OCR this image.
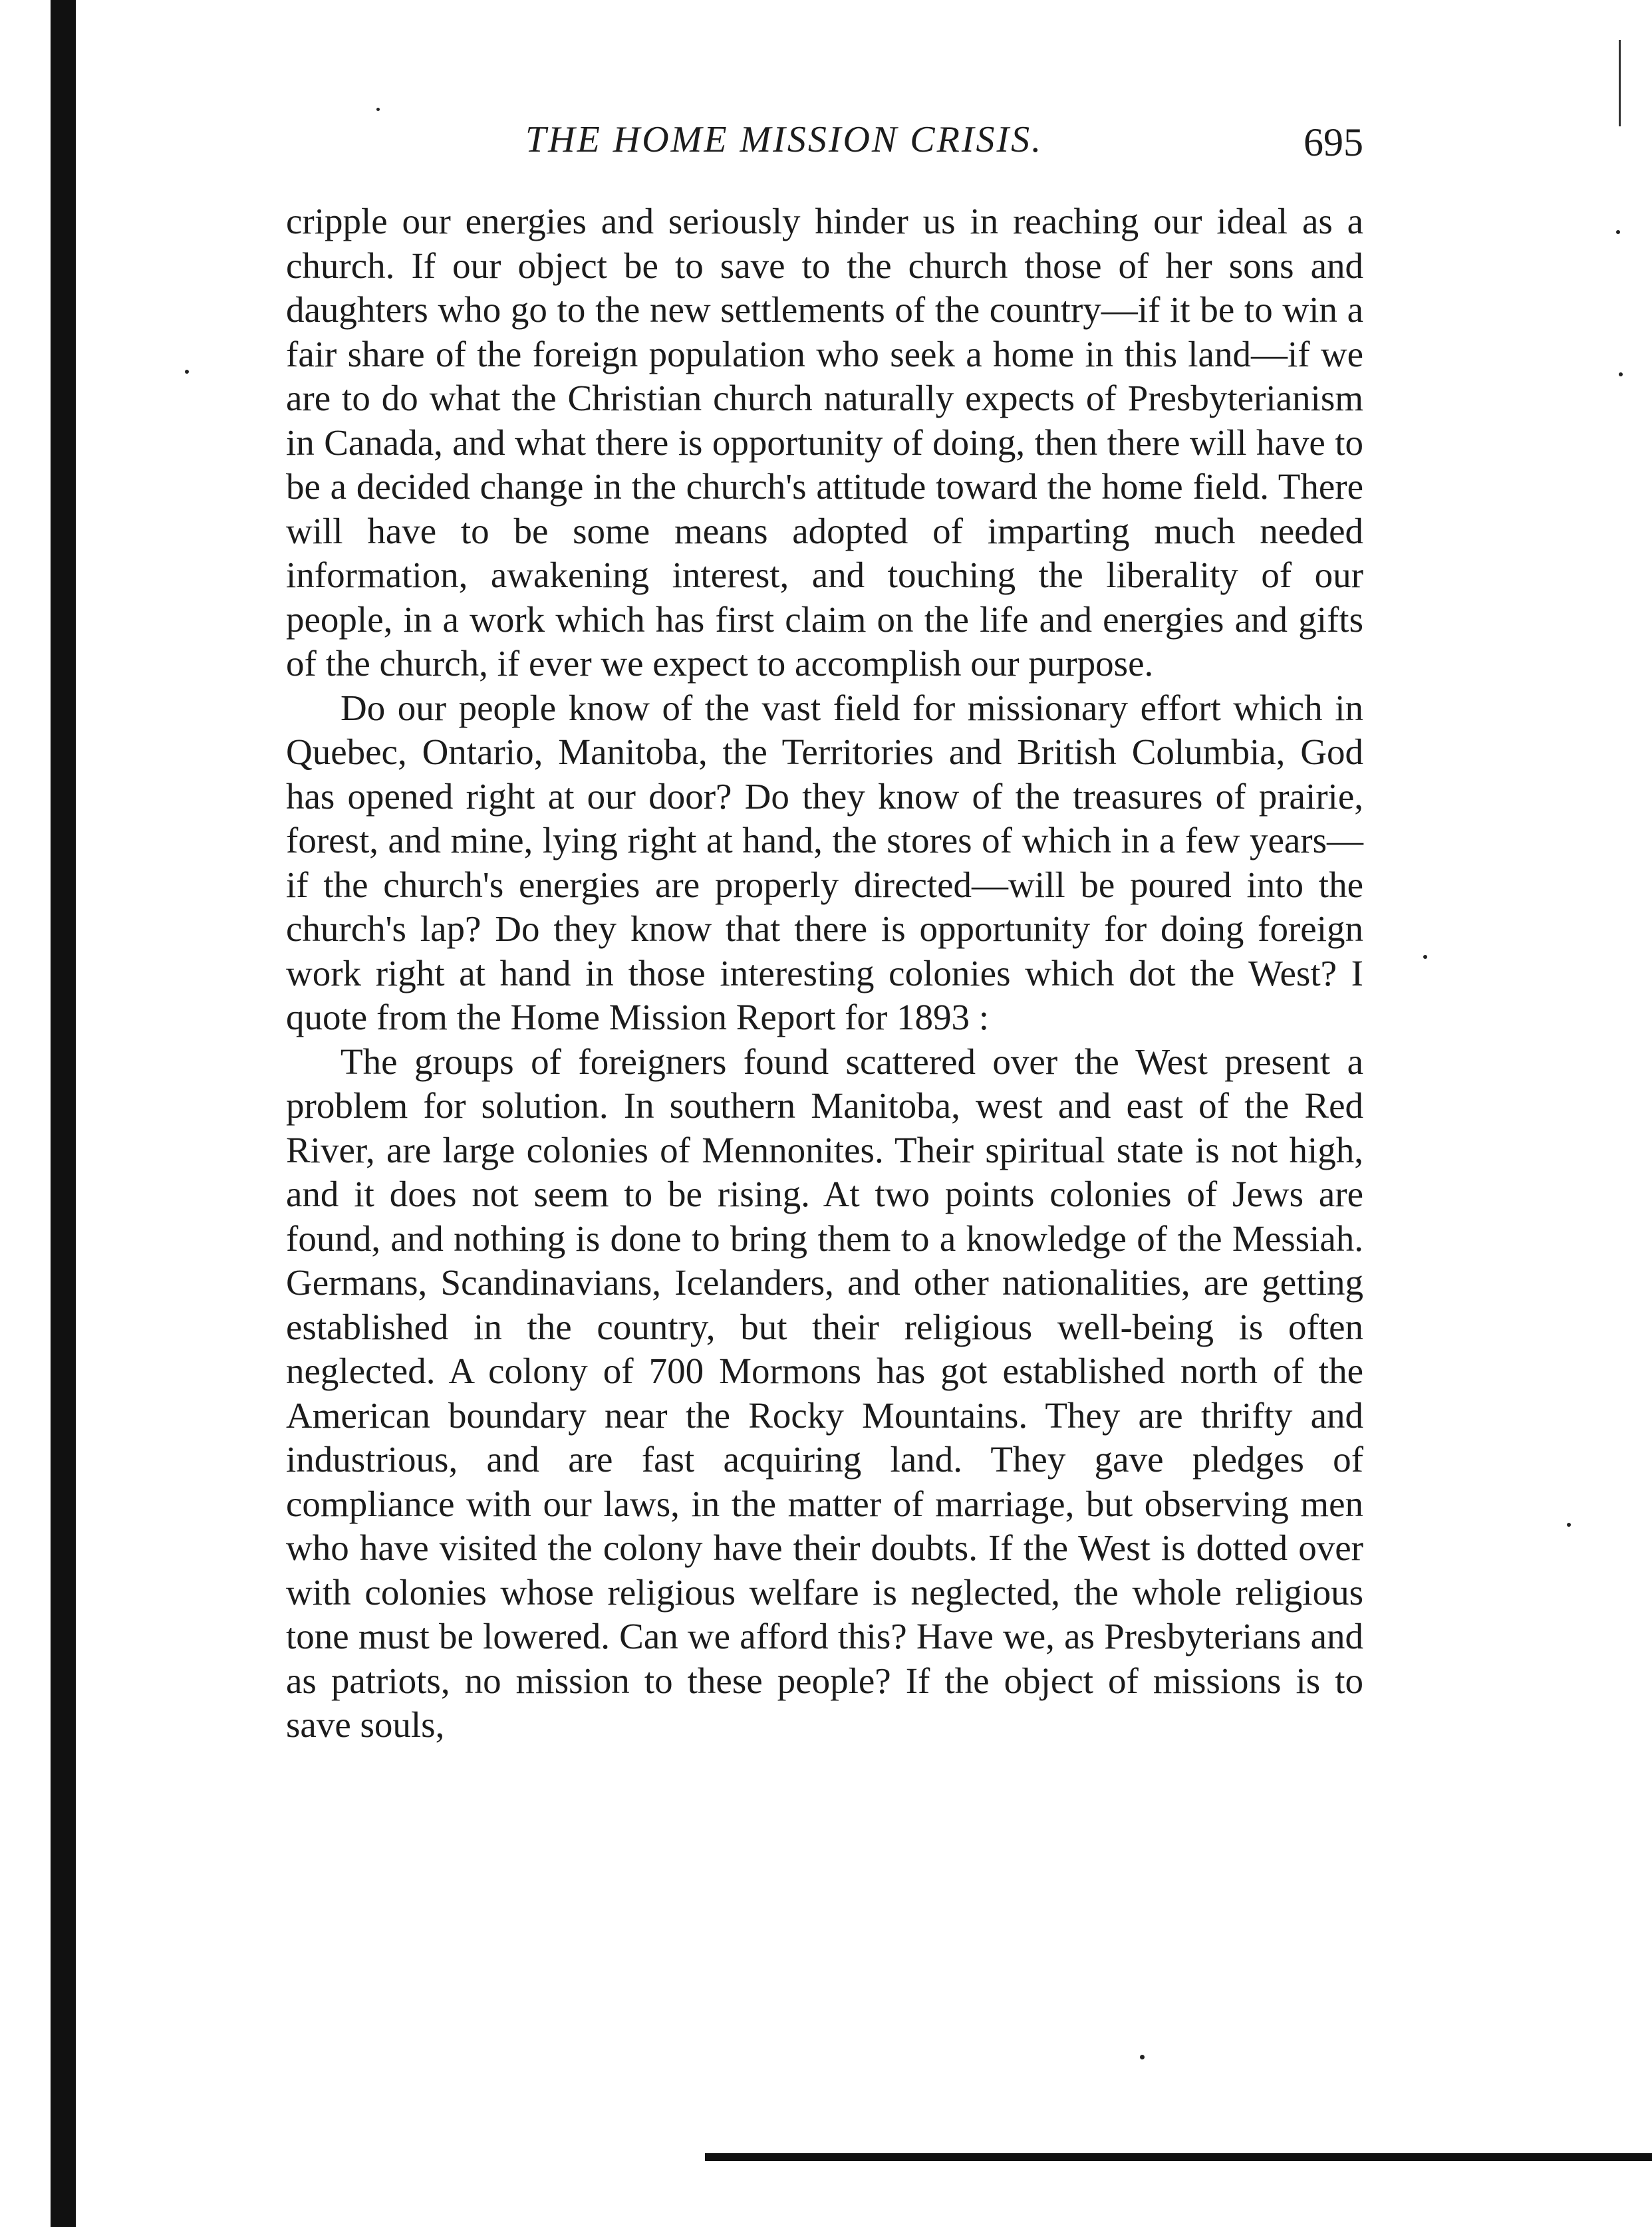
THE HOME MISSION CRISIS.	695

cripple our energies and seriously hinder us in reaching our ideal as a church. If our object be to save to the church those of her sons and daughters who go to the new settlements of the country—if it be to win a fair share of the foreign population who seek a home in this land—if we are to do what the Christian church naturally expects of Presbyterianism in Canada, and what there is opportunity of doing, then there will have to be a decided change in the church's attitude toward the home field. There will have to be some means adopted of imparting much needed information, awakening interest, and touching the liberality of our people, in a work which has first claim on the life and energies and gifts of the church, if ever we expect to accomplish our purpose.

Do our people know of the vast field for missionary effort which in Quebec, Ontario, Manitoba, the Territories and British Columbia, God has opened right at our door? Do they know of the treasures of prairie, forest, and mine, lying right at hand, the stores of which in a few years—if the church's energies are properly directed—will be poured into the church's lap? Do they know that there is opportunity for doing foreign work right at hand in those interesting colonies which dot the West? I quote from the Home Mission Report for 1893 :

The groups of foreigners found scattered over the West present a problem for solution. In southern Manitoba, west and east of the Red River, are large colonies of Mennonites. Their spiritual state is not high, and it does not seem to be rising. At two points colonies of Jews are found, and nothing is done to bring them to a knowledge of the Messiah. Germans, Scandinavians, Icelanders, and other nationalities, are getting established in the country, but their religious well-being is often neglected. A colony of 700 Mormons has got established north of the American boundary near the Rocky Mountains. They are thrifty and industrious, and are fast acquiring land. They gave pledges of compliance with our laws, in the matter of marriage, but observing men who have visited the colony have their doubts. If the West is dotted over with colonies whose religious welfare is neglected, the whole religious tone must be lowered. Can we afford this? Have we, as Presbyterians and as patriots, no mission to these people? If the object of missions is to save souls,
